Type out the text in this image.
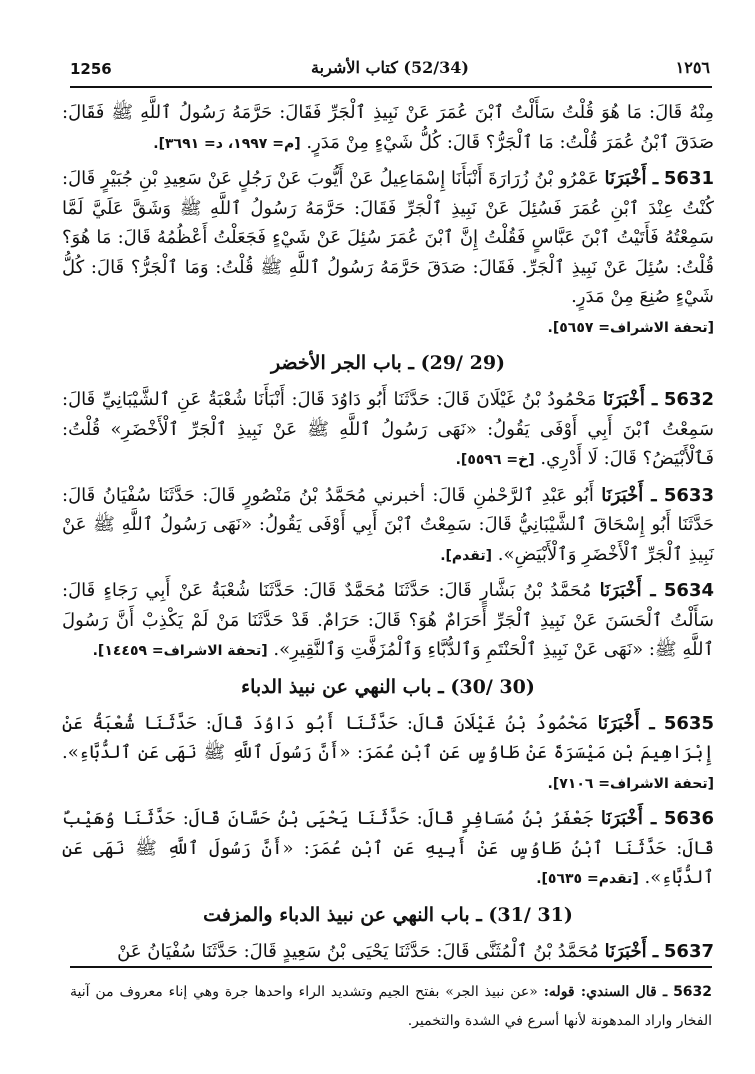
1256	(52/34) كتاب الأشربة	١٢٥٦

مِنْهُ قَالَ: مَا هُوَ قُلْتُ سَأَلْتُ ٱبْنَ عُمَرَ عَنْ نَبِيذِ ٱلْجَرِّ فَقَالَ: حَرَّمَهُ رَسُولُ ٱللَّهِ ﷺ فَقَالَ: صَدَقَ ٱبْنُ عُمَرَ قُلْتُ: مَا ٱلْجَرُّ؟ قَالَ: كُلُّ شَيْءٍ مِنْ مَدَرٍ. [م= ١٩٩٧، د= ٣٦٩١].

5631 ـ أَخْبَرَنَا عَمْرُو بْنُ زُرَارَةَ أَنْبَأَنَا إِسْمَاعِيلُ عَنْ أَيُّوبَ عَنْ رَجُلٍ عَنْ سَعِيدِ بْنِ جُبَيْرٍ قَالَ: كُنْتُ عِنْدَ ٱبْنِ عُمَرَ فَسُئِلَ عَنْ نَبِيذِ ٱلْجَرِّ فَقَالَ: حَرَّمَهُ رَسُولُ ٱللَّهِ ﷺ وَشَقَّ عَلَيَّ لَمَّا سَمِعْتُهُ فَأَتَيْتُ ٱبْنَ عَبَّاسٍ فَقُلْتُ إِنَّ ٱبْنَ عُمَرَ سُئِلَ عَنْ شَيْءٍ فَجَعَلْتُ أَعْظُمُهُ قَالَ: مَا هُوَ؟ قُلْتُ: سُئِلَ عَنْ نَبِيذِ ٱلْجَرِّ. فَقَالَ: صَدَقَ حَرَّمَهُ رَسُولُ ٱللَّهِ ﷺ قُلْتُ: وَمَا ٱلْجَرُّ؟ قَالَ: كُلُّ شَيْءٍ صُنِعَ مِنْ مَدَرٍ.
[تحفة الاشراف= ٥٦٥٧].

(29 /29) ـ باب الجر الأخضر

5632 ـ أَخْبَرَنَا مَحْمُودُ بْنُ غَيْلَانَ قَالَ: حَدَّثَنَا أَبُو دَاوُدَ قَالَ: أَنْبَأَنَا شُعْبَةُ عَنِ ٱلشَّيْبَانِيِّ قَالَ: سَمِعْتُ ٱبْنَ أَبِي أَوْفَى يَقُولُ: «نَهَى رَسُولُ ٱللَّهِ ﷺ عَنْ نَبِيذِ ٱلْجَرِّ ٱلْأَخْضَرِ» قُلْتُ: فَٱلْأَبْيَضُ؟ قَالَ: لَا أَدْرِي. [خ= ٥٥٩٦].

5633 ـ أَخْبَرَنَا أَبُو عَبْدِ ٱلرَّحْمٰنِ قَالَ: أخبرني مُحَمَّدُ بْنُ مَنْصُورٍ قَالَ: حَدَّثَنَا سُفْيَانُ قَالَ: حَدَّثَنَا أَبُو إِسْحَاقَ ٱلشَّيْبَانِيُّ قَالَ: سَمِعْتُ ٱبْنَ أَبِي أَوْفَى يَقُولُ: «نَهَى رَسُولُ ٱللَّهِ ﷺ عَنْ نَبِيذِ ٱلْجَرِّ ٱلْأَخْضَرِ وَٱلْأَبْيَضِ». [تقدم].

5634 ـ أَخْبَرَنَا مُحَمَّدُ بْنُ بَشَّارٍ قَالَ: حَدَّثَنَا مُحَمَّدٌ قَالَ: حَدَّثَنَا شُعْبَةُ عَنْ أَبِي رَجَاءٍ قَالَ: سَأَلْتُ ٱلْحَسَنَ عَنْ نَبِيذِ ٱلْجَرِّ أَحَرَامٌ هُوَ؟ قَالَ: حَرَامٌ. قَدْ حَدَّثَنَا مَنْ لَمْ يَكْذِبْ أَنَّ رَسُولَ ٱللَّهِ ﷺ: «نَهَى عَنْ نَبِيذِ ٱلْحَنْتَمِ وَٱلدُّبَّاءِ وَٱلْمُزَفَّتِ وَٱلنَّقِيرِ». [تحفة الاشراف= ١٤٤٥٩].

(30 /30) ـ باب النهي عن نبيذ الدباء

5635 ـ أَخْبَرَنَا مَحْمُودُ بْنُ غَيْلَانَ قَالَ: حَدَّثَنَا أَبُو دَاوُدَ قَالَ: حَدَّثَنَا شُعْبَةُ عَنْ إِبْرَاهِيمَ بْنِ مَيْسَرَةَ عَنْ طَاوُسٍ عَنِ ٱبْنِ عُمَرَ: «أَنَّ رَسُولَ ٱللَّهِ ﷺ نَهَى عَنِ ٱلدُّبَّاءِ». [تحفة الاشراف= ٧١٠٦].

5636 ـ أَخْبَرَنَا جَعْفَرُ بْنُ مُسَافِرٍ قَالَ: حَدَّثَنَا يَحْيَى بْنُ حَسَّانَ قَالَ: حَدَّثَنَا وُهَيْبٌ قَالَ: حَدَّثَنَا ٱبْنُ طَاوُسٍ عَنْ أَبِيهِ عَنِ ٱبْنِ عُمَرَ: «أَنَّ رَسُولَ ٱللَّهِ ﷺ نَهَى عَنِ ٱلدُّبَّاءِ». [تقدم= ٥٦٣٥].

(31 /31) ـ باب النهي عن نبيذ الدباء والمزفت

5637 ـ أَخْبَرَنَا مُحَمَّدُ بْنُ ٱلْمُثَنَّى قَالَ: حَدَّثَنَا يَحْيَى بْنُ سَعِيدٍ قَالَ: حَدَّثَنَا سُفْيَانُ عَنْ

5632 ـ قال السندي: قوله: «عن نبيذ الجر» بفتح الجيم وتشديد الراء واحدها جرة وهي إناء معروف من آنية الفخار واراد المدهونة لأنها أسرع في الشدة والتخمير.
